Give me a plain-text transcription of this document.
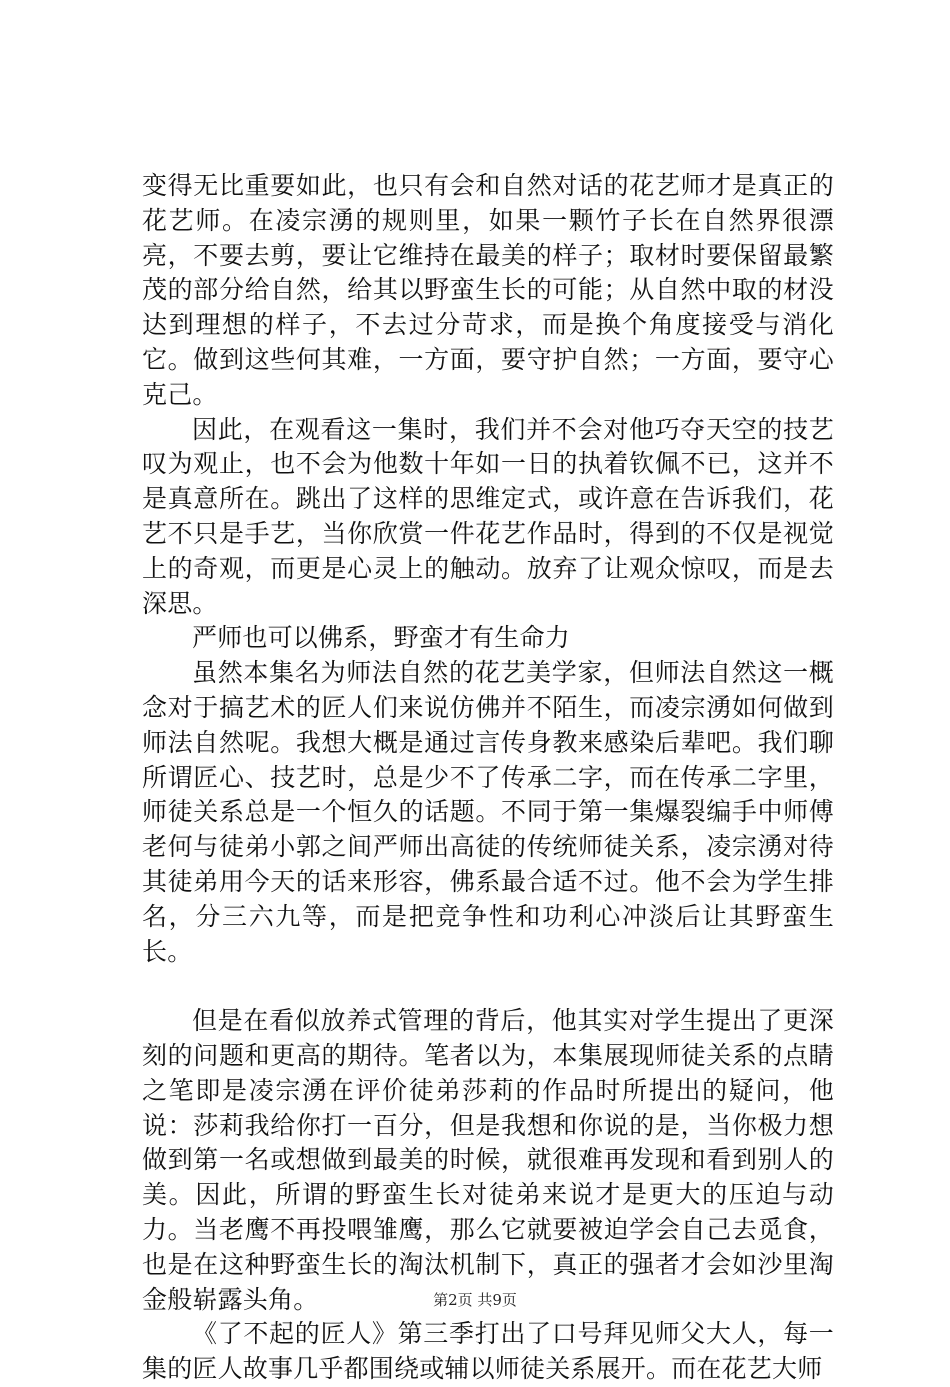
变得无比重要如此，也只有会和自然对话的花艺师才是真正的花艺师。在凌宗湧的规则里，如果一颗竹子长在自然界很漂亮，不要去剪，要让它维持在最美的样子；取材时要保留最繁茂的部分给自然，给其以野蛮生长的可能；从自然中取的材没达到理想的样子，不去过分苛求，而是换个角度接受与消化它。做到这些何其难，一方面，要守护自然；一方面，要守心克己。

因此，在观看这一集时，我们并不会对他巧夺天空的技艺叹为观止，也不会为他数十年如一日的执着钦佩不已，这并不是真意所在。跳出了这样的思维定式，或许意在告诉我们，花艺不只是手艺，当你欣赏一件花艺作品时，得到的不仅是视觉上的奇观，而更是心灵上的触动。放弃了让观众惊叹，而是去深思。

严师也可以佛系，野蛮才有生命力

虽然本集名为师法自然的花艺美学家，但师法自然这一概念对于搞艺术的匠人们来说仿佛并不陌生，而凌宗湧如何做到师法自然呢。我想大概是通过言传身教来感染后辈吧。我们聊所谓匠心、技艺时，总是少不了传承二字，而在传承二字里，师徒关系总是一个恒久的话题。不同于第一集爆裂编手中师傅老何与徒弟小郭之间严师出高徒的传统师徒关系，凌宗湧对待其徒弟用今天的话来形容，佛系最合适不过。他不会为学生排名，分三六九等，而是把竞争性和功利心冲淡后让其野蛮生长。

但是在看似放养式管理的背后，他其实对学生提出了更深刻的问题和更高的期待。笔者以为，本集展现师徒关系的点睛之笔即是凌宗湧在评价徒弟莎莉的作品时所提出的疑问，他说：莎莉我给你打一百分，但是我想和你说的是，当你极力想做到第一名或想做到最美的时候，就很难再发现和看到别人的美。因此，所谓的野蛮生长对徒弟来说才是更大的压迫与动力。当老鹰不再投喂雏鹰，那么它就要被迫学会自己去觅食，也是在这种野蛮生长的淘汰机制下，真正的强者才会如沙里淘金般崭露头角。

《了不起的匠人》第三季打出了口号拜见师父大人，每一集的匠人故事几乎都围绕或辅以师徒关系展开。而在花艺大师

第2页 共9页
